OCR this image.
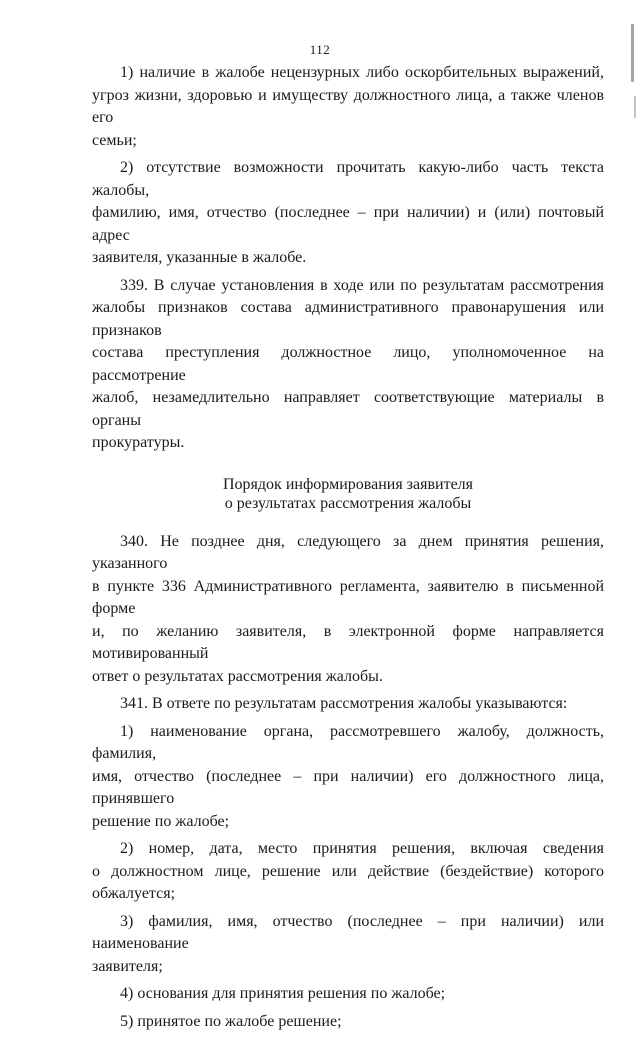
112
1) наличие в жалобе нецензурных либо оскорбительных выражений,
угроз жизни, здоровью и имуществу должностного лица, а также членов его
семьи;
2) отсутствие возможности прочитать какую-либо часть текста жалобы,
фамилию, имя, отчество (последнее – при наличии) и (или) почтовый адрес
заявителя, указанные в жалобе.
339. В случае установления в ходе или по результатам рассмотрения
жалобы признаков состава административного правонарушения или признаков
состава преступления должностное лицо, уполномоченное на рассмотрение
жалоб, незамедлительно направляет соответствующие материалы в органы
прокуратуры.
Порядок информирования заявителя
о результатах рассмотрения жалобы
340. Не позднее дня, следующего за днем принятия решения, указанного
в пункте 336 Административного регламента, заявителю в письменной форме
и, по желанию заявителя, в электронной форме направляется мотивированный
ответ о результатах рассмотрения жалобы.
341. В ответе по результатам рассмотрения жалобы указываются:
1) наименование органа, рассмотревшего жалобу, должность, фамилия,
имя, отчество (последнее – при наличии) его должностного лица, принявшего
решение по жалобе;
2) номер, дата, место принятия решения, включая сведения
о должностном лице, решение или действие (бездействие) которого
обжалуется;
3) фамилия, имя, отчество (последнее – при наличии) или наименование
заявителя;
4) основания для принятия решения по жалобе;
5) принятое по жалобе решение;
